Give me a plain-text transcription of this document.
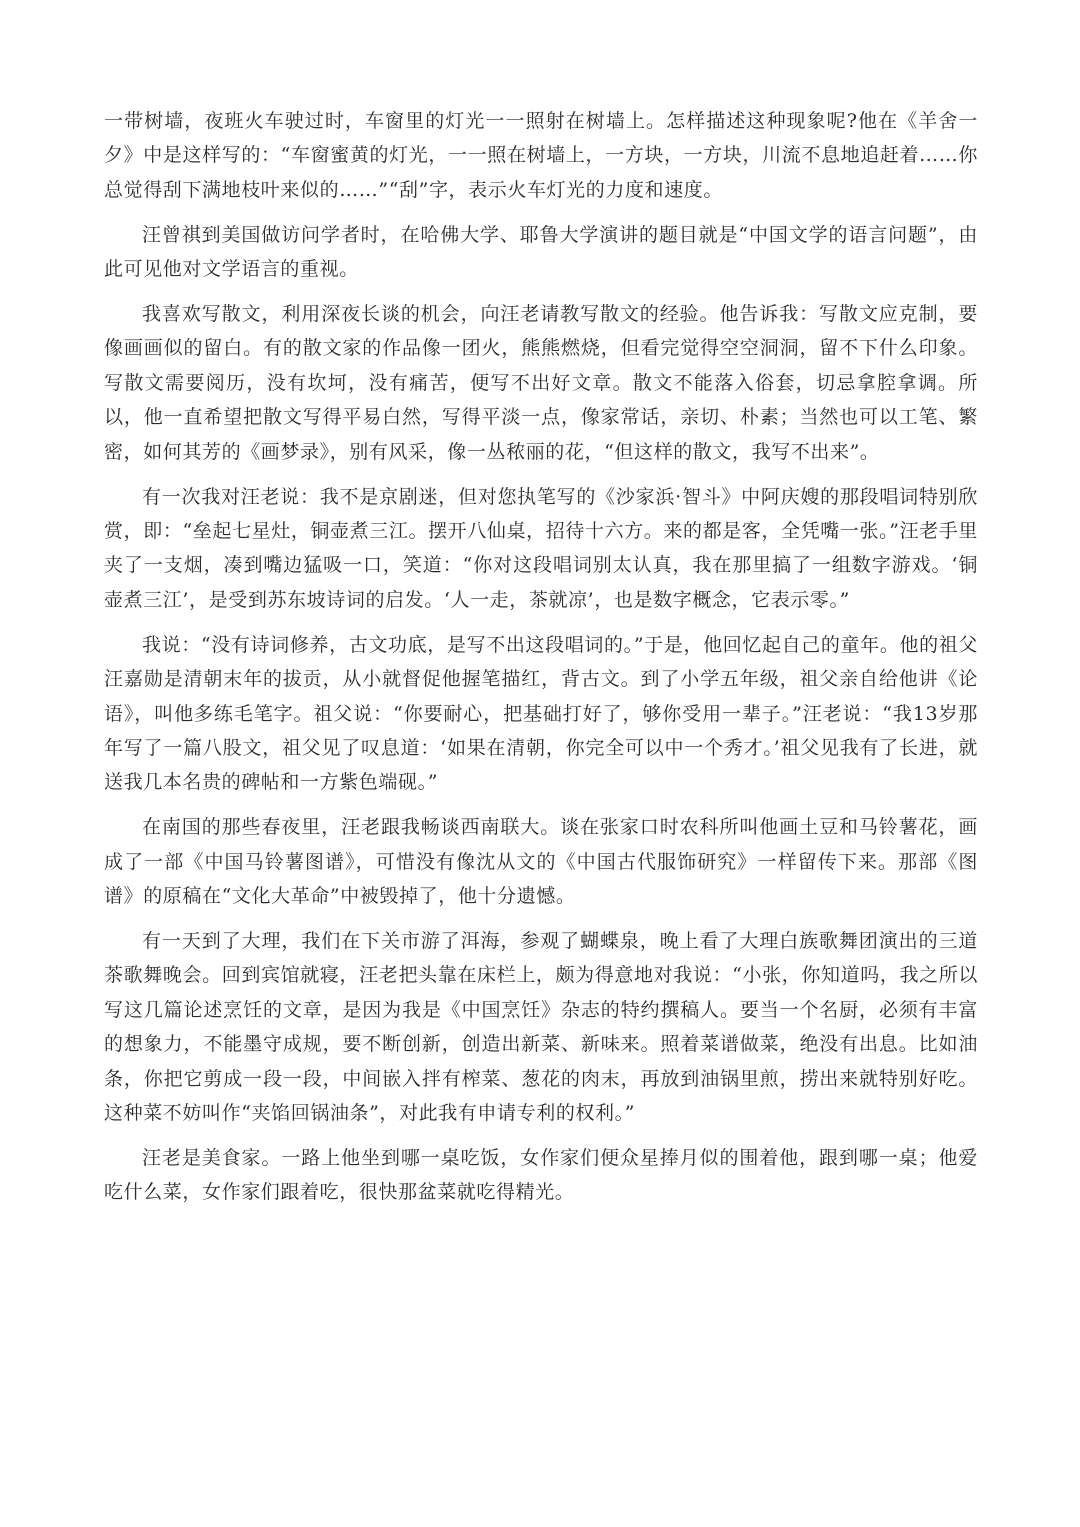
一带树墙，夜班火车驶过时，车窗里的灯光一一照射在树墙上。怎样描述这种现象呢?他在《羊舍一夕》中是这样写的：“车窗蜜黄的灯光，一一照在树墙上，一方块，一方块，川流不息地追赶着……你总觉得刮下满地枝叶来似的……”“刮”字，表示火车灯光的力度和速度。

汪曾祺到美国做访问学者时，在哈佛大学、耶鲁大学演讲的题目就是“中国文学的语言问题”，由此可见他对文学语言的重视。

我喜欢写散文，利用深夜长谈的机会，向汪老请教写散文的经验。他告诉我：写散文应克制，要像画画似的留白。有的散文家的作品像一团火，熊熊燃烧，但看完觉得空空洞洞，留不下什么印象。写散文需要阅历，没有坎坷，没有痛苦，便写不出好文章。散文不能落入俗套，切忌拿腔拿调。所以，他一直希望把散文写得平易白然，写得平淡一点，像家常话，亲切、朴素；当然也可以工笔、繁密，如何其芳的《画梦录》，别有风采，像一丛秾丽的花，“但这样的散文，我写不出来”。

有一次我对汪老说：我不是京剧迷，但对您执笔写的《沙家浜·智斗》中阿庆嫂的那段唱词特别欣赏，即：“垒起七星灶，铜壶煮三江。摆开八仙桌，招待十六方。来的都是客，全凭嘴一张。”汪老手里夹了一支烟，凑到嘴边猛吸一口，笑道：“你对这段唱词别太认真，我在那里搞了一组数字游戏。‘铜壶煮三江’，是受到苏东坡诗词的启发。‘人一走，茶就凉’，也是数字概念，它表示零。”

我说：“没有诗词修养，古文功底，是写不出这段唱词的。”于是，他回忆起自己的童年。他的祖父汪嘉勋是清朝末年的拔贡，从小就督促他握笔描红，背古文。到了小学五年级，祖父亲自给他讲《论语》，叫他多练毛笔字。祖父说：“你要耐心，把基础打好了，够你受用一辈子。”汪老说：“我13岁那年写了一篇八股文，祖父见了叹息道：‘如果在清朝，你完全可以中一个秀才。’祖父见我有了长进，就送我几本名贵的碑帖和一方紫色端砚。”

在南国的那些春夜里，汪老跟我畅谈西南联大。谈在张家口时农科所叫他画土豆和马铃薯花，画成了一部《中国马铃薯图谱》，可惜没有像沈从文的《中国古代服饰研究》一样留传下来。那部《图谱》的原稿在“文化大革命”中被毁掉了，他十分遗憾。

有一天到了大理，我们在下关市游了洱海，参观了蝴蝶泉，晚上看了大理白族歌舞团演出的三道茶歌舞晚会。回到宾馆就寝，汪老把头靠在床栏上，颇为得意地对我说：“小张，你知道吗，我之所以写这几篇论述烹饪的文章，是因为我是《中国烹饪》杂志的特约撰稿人。要当一个名厨，必须有丰富的想象力，不能墨守成规，要不断创新，创造出新菜、新味来。照着菜谱做菜，绝没有出息。比如油条，你把它剪成一段一段，中间嵌入拌有榨菜、葱花的肉末，再放到油锅里煎，捞出来就特别好吃。这种菜不妨叫作“夹馅回锅油条”，对此我有申请专利的权利。”

汪老是美食家。一路上他坐到哪一桌吃饭，女作家们便众星捧月似的围着他，跟到哪一桌；他爱吃什么菜，女作家们跟着吃，很快那盆菜就吃得精光。
